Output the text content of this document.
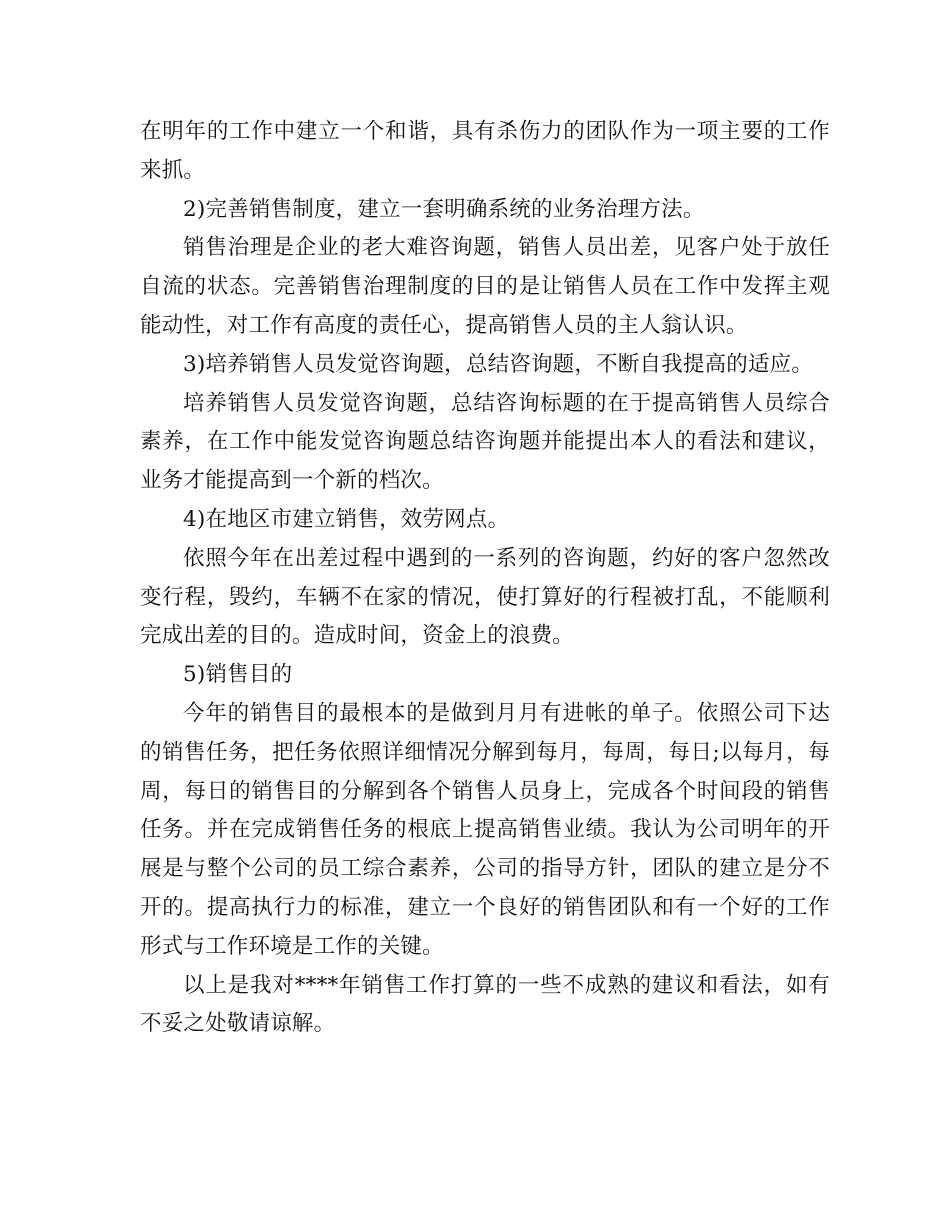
在明年的工作中建立一个和谐，具有杀伤力的团队作为一项主要的工作来抓。

2)完善销售制度，建立一套明确系统的业务治理方法。

销售治理是企业的老大难咨询题，销售人员出差，见客户处于放任自流的状态。完善销售治理制度的目的是让销售人员在工作中发挥主观能动性，对工作有高度的责任心，提高销售人员的主人翁认识。

3)培养销售人员发觉咨询题，总结咨询题，不断自我提高的适应。

培养销售人员发觉咨询题，总结咨询标题的在于提高销售人员综合素养，在工作中能发觉咨询题总结咨询题并能提出本人的看法和建议，业务才能提高到一个新的档次。

4)在地区市建立销售，效劳网点。

依照今年在出差过程中遇到的一系列的咨询题，约好的客户忽然改变行程，毁约，车辆不在家的情况，使打算好的行程被打乱，不能顺利完成出差的目的。造成时间，资金上的浪费。

5)销售目的

今年的销售目的最根本的是做到月月有进帐的单子。依照公司下达的销售任务，把任务依照详细情况分解到每月，每周，每日;以每月，每周，每日的销售目的分解到各个销售人员身上，完成各个时间段的销售任务。并在完成销售任务的根底上提高销售业绩。我认为公司明年的开展是与整个公司的员工综合素养，公司的指导方针，团队的建立是分不开的。提高执行力的标准，建立一个良好的销售团队和有一个好的工作形式与工作环境是工作的关键。

以上是我对****年销售工作打算的一些不成熟的建议和看法，如有不妥之处敬请谅解。
